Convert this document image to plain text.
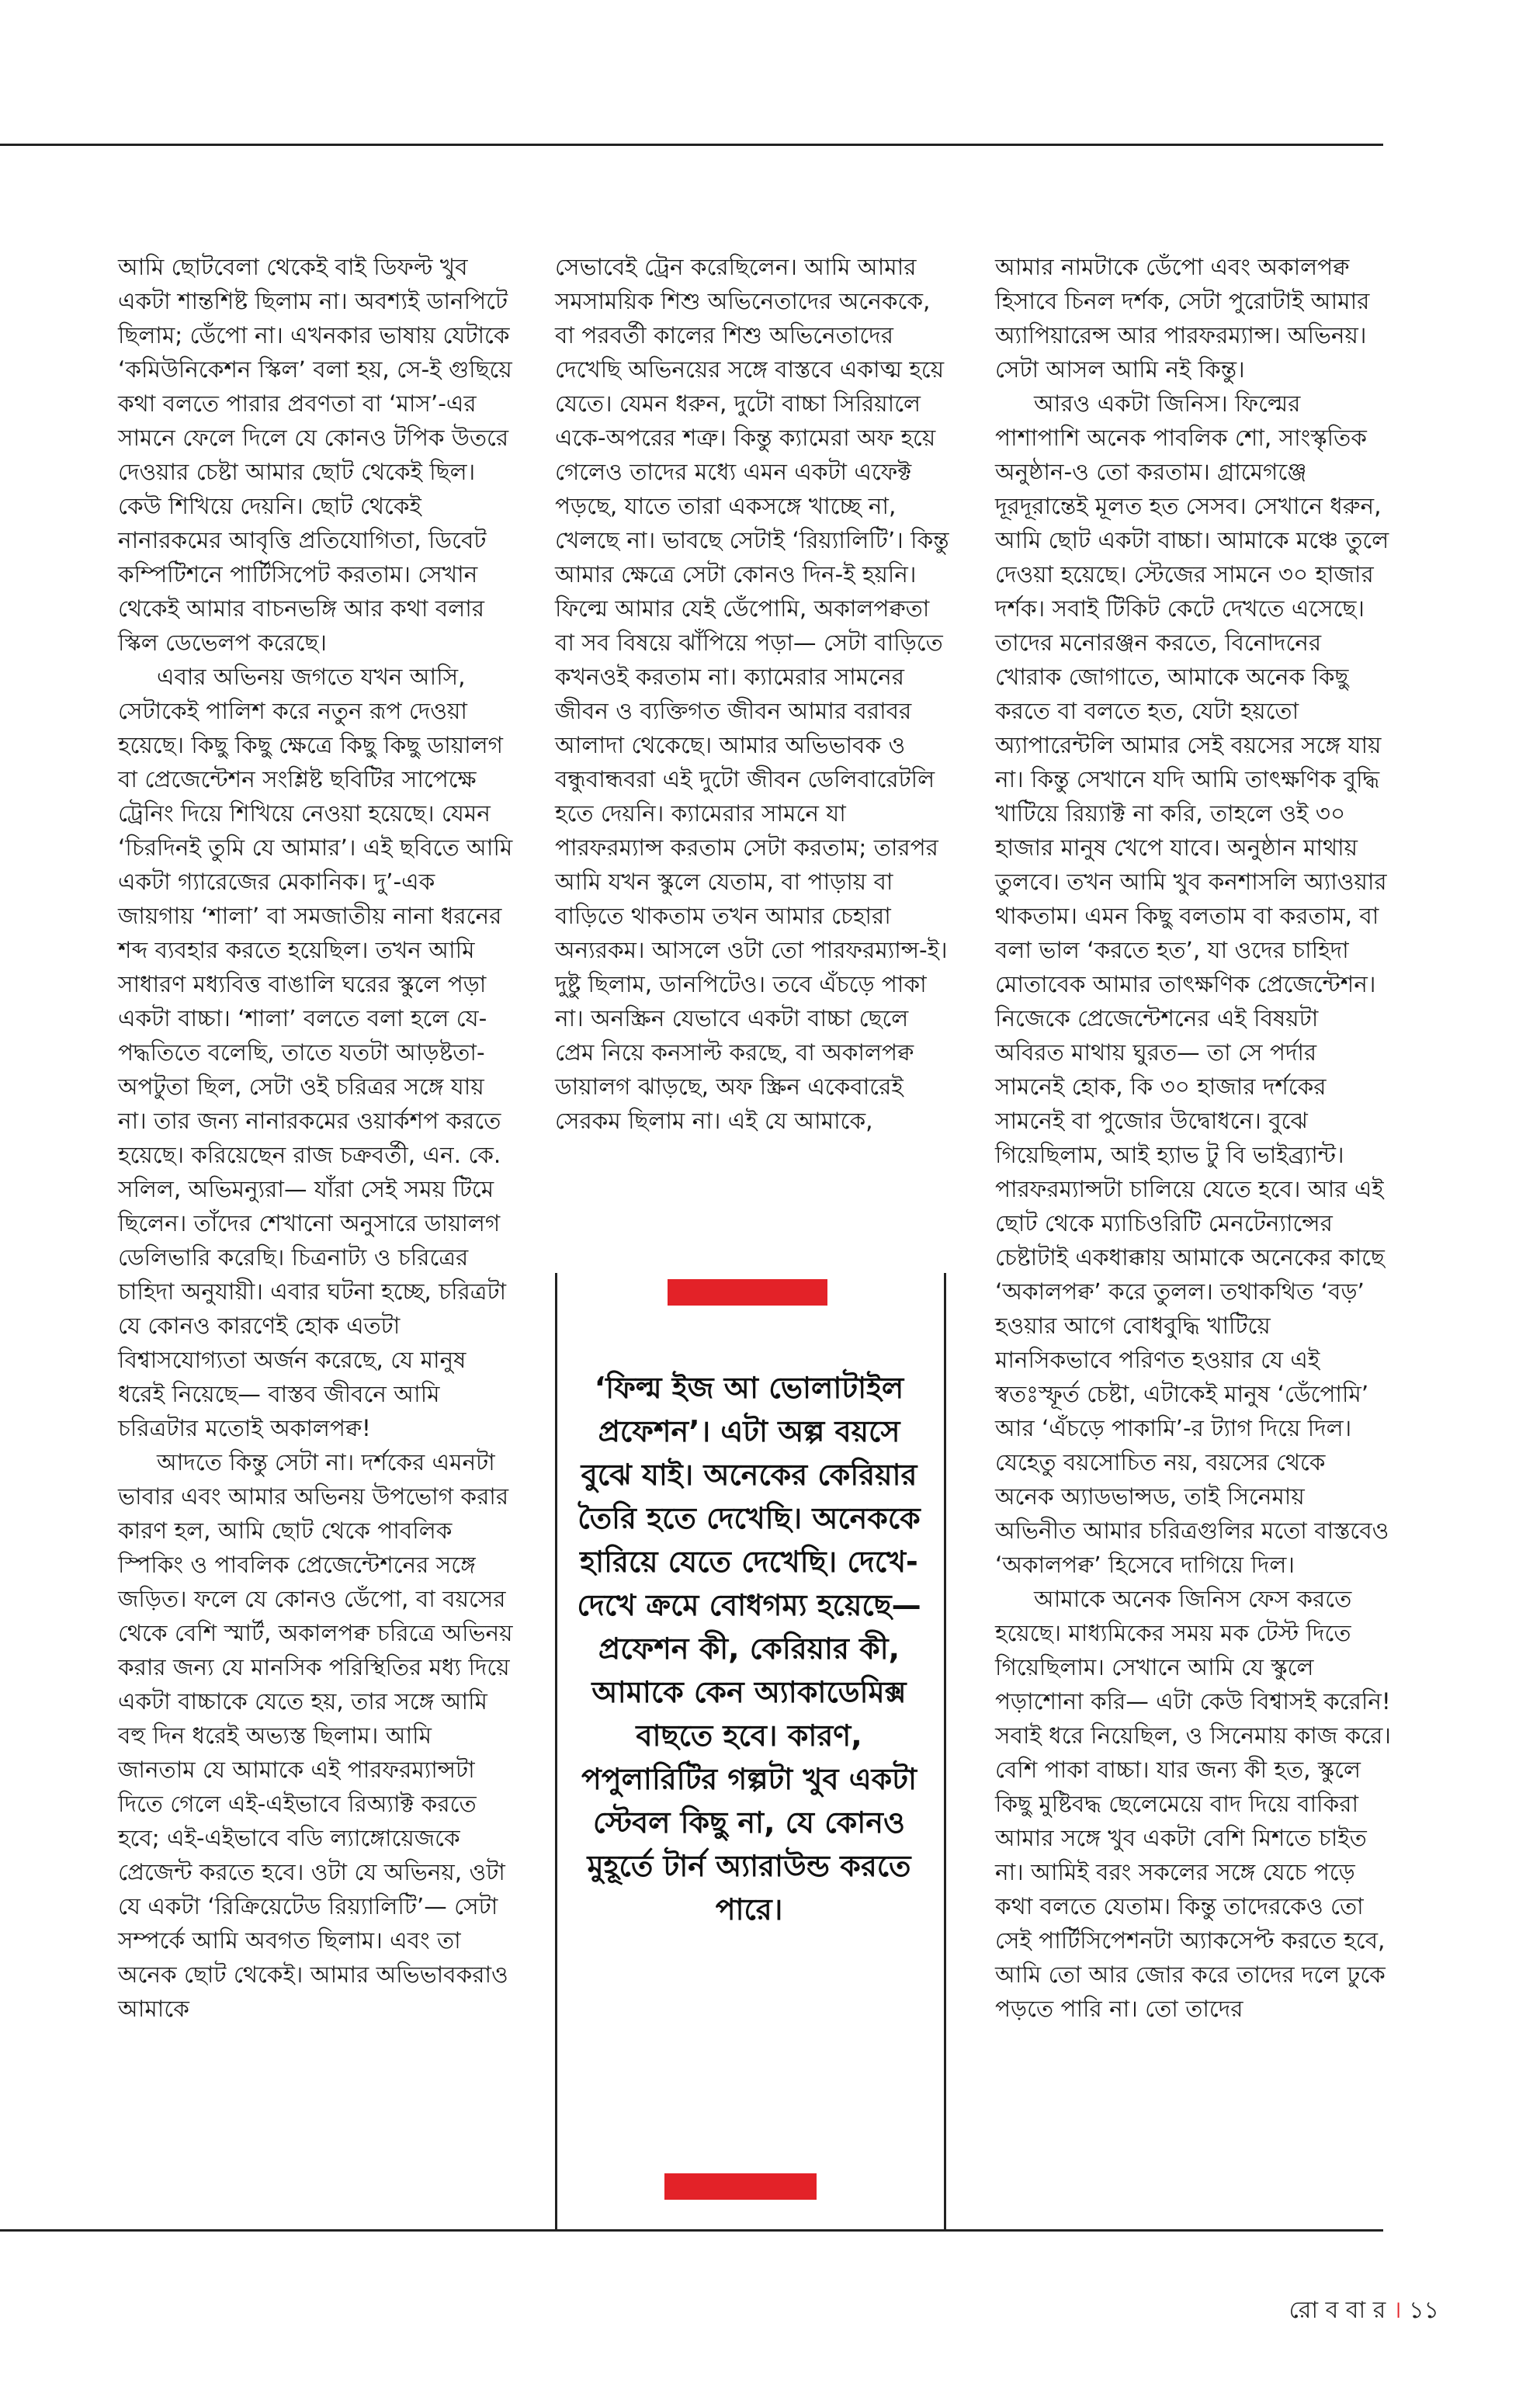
আমি ছোটবেলা থেকেই বাই ডিফল্ট খুব একটা শান্তশিষ্ট ছিলাম না। অবশ্যই ডানপিটে ছিলাম; ডেঁপো না। এখনকার ভাষায় যেটাকে ‘কমিউনিকেশন স্কিল’ বলা হয়, সে-ই গুছিয়ে কথা বলতে পারার প্রবণতা বা ‘মাস’-এর সামনে ফেলে দিলে যে কোনও টপিক উতরে দেওয়ার চেষ্টা আমার ছোট থেকেই ছিল। কেউ শিখিয়ে দেয়নি। ছোট থেকেই নানারকমের আবৃত্তি প্রতিযোগিতা, ডিবেট কম্পিটিশনে পার্টিসিপেট করতাম। সেখান থেকেই আমার বাচনভঙ্গি আর কথা বলার স্কিল ডেভেলপ করেছে।

এবার অভিনয় জগতে যখন আসি, সেটাকেই পালিশ করে নতুন রূপ দেওয়া হয়েছে। কিছু কিছু ক্ষেত্রে কিছু কিছু ডায়ালগ বা প্রেজেন্টেশন সংশ্লিষ্ট ছবিটির সাপেক্ষে ট্রেনিং দিয়ে শিখিয়ে নেওয়া হয়েছে। যেমন ‘চিরদিনই তুমি যে আমার’। এই ছবিতে আমি একটা গ্যারেজের মেকানিক। দু’-এক জায়গায় ‘শালা’ বা সমজাতীয় নানা ধরনের শব্দ ব্যবহার করতে হয়েছিল। তখন আমি সাধারণ মধ্যবিত্ত বাঙালি ঘরের স্কুলে পড়া একটা বাচ্চা। ‘শালা’ বলতে বলা হলে যে-পদ্ধতিতে বলেছি, তাতে যতটা আড়ষ্টতা-অপটুতা ছিল, সেটা ওই চরিত্রর সঙ্গে যায় না। তার জন্য নানারকমের ওয়ার্কশপ করতে হয়েছে। করিয়েছেন রাজ চক্রবর্তী, এন. কে. সলিল, অভিমন্যুরা— যাঁরা সেই সময় টিমে ছিলেন। তাঁদের শেখানো অনুসারে ডায়ালগ ডেলিভারি করেছি। চিত্রনাট্য ও চরিত্রের চাহিদা অনুযায়ী। এবার ঘটনা হচ্ছে, চরিত্রটা যে কোনও কারণেই হোক এতটা বিশ্বাসযোগ্যতা অর্জন করেছে, যে মানুষ ধরেই নিয়েছে— বাস্তব জীবনে আমি চরিত্রটার মতোই অকালপক্ব!

আদতে কিন্তু সেটা না। দর্শকের এমনটা ভাবার এবং আমার অভিনয় উপভোগ করার কারণ হল, আমি ছোট থেকে পাবলিক স্পিকিং ও পাবলিক প্রেজেন্টেশনের সঙ্গে জড়িত। ফলে যে কোনও ডেঁপো, বা বয়সের থেকে বেশি স্মার্ট, অকালপক্ব চরিত্রে অভিনয় করার জন্য যে মানসিক পরিস্থিতির মধ্য দিয়ে একটা বাচ্চাকে যেতে হয়, তার সঙ্গে আমি বহু দিন ধরেই অভ্যস্ত ছিলাম। আমি জানতাম যে আমাকে এই পারফরম্যান্সটা দিতে গেলে এই-এইভাবে রিঅ্যাক্ট করতে হবে; এই-এইভাবে বডি ল্যাঙ্গোয়েজকে প্রেজেন্ট করতে হবে। ওটা যে অভিনয়, ওটা যে একটা ‘রিক্রিয়েটেড রিয়্যালিটি’— সেটা সম্পর্কে আমি অবগত ছিলাম। এবং তা অনেক ছোট থেকেই। আমার অভিভাবকরাও আমাকে

সেভাবেই ট্রেন করেছিলেন। আমি আমার সমসাময়িক শিশু অভিনেতাদের অনেককে, বা পরবর্তী কালের শিশু অভিনেতাদের দেখেছি অভিনয়ের সঙ্গে বাস্তবে একাত্ম হয়ে যেতে। যেমন ধরুন, দুটো বাচ্চা সিরিয়ালে একে-অপরের শত্রু। কিন্তু ক্যামেরা অফ হয়ে গেলেও তাদের মধ্যে এমন একটা এফেক্ট পড়ছে, যাতে তারা একসঙ্গে খাচ্ছে না, খেলছে না। ভাবছে সেটাই ‘রিয়্যালিটি’। কিন্তু আমার ক্ষেত্রে সেটা কোনও দিন-ই হয়নি। ফিল্মে আমার যেই ডেঁপোমি, অকালপক্বতা বা সব বিষয়ে ঝাঁপিয়ে পড়া— সেটা বাড়িতে কখনওই করতাম না। ক্যামেরার সামনের জীবন ও ব্যক্তিগত জীবন আমার বরাবর আলাদা থেকেছে। আমার অভিভাবক ও বন্ধুবান্ধবরা এই দুটো জীবন ডেলিবারেটলি হতে দেয়নি। ক্যামেরার সামনে যা পারফরম্যান্স করতাম সেটা করতাম; তারপর আমি যখন স্কুলে যেতাম, বা পাড়ায় বা বাড়িতে থাকতাম তখন আমার চেহারা অন্যরকম। আসলে ওটা তো পারফরম্যান্স-ই। দুষ্টু ছিলাম, ডানপিটেও। তবে এঁচড়ে পাকা না। অনস্ক্রিন যেভাবে একটা বাচ্চা ছেলে প্রেম নিয়ে কনসাল্ট করছে, বা অকালপক্ব ডায়ালগ ঝাড়ছে, অফ স্ক্রিন একেবারেই সেরকম ছিলাম না। এই যে আমাকে,

আমার নামটাকে ডেঁপো এবং অকালপক্ব হিসাবে চিনল দর্শক, সেটা পুরোটাই আমার অ্যাপিয়ারেন্স আর পারফরম্যান্স। অভিনয়। সেটা আসল আমি নই কিন্তু।

আরও একটা জিনিস। ফিল্মের পাশাপাশি অনেক পাবলিক শো, সাংস্কৃতিক অনুষ্ঠান-ও তো করতাম। গ্রামেগঞ্জে দূরদূরান্তেই মূলত হত সেসব। সেখানে ধরুন, আমি ছোট একটা বাচ্চা। আমাকে মঞ্চে তুলে দেওয়া হয়েছে। স্টেজের সামনে ৩০ হাজার দর্শক। সবাই টিকিট কেটে দেখতে এসেছে। তাদের মনোরঞ্জন করতে, বিনোদনের খোরাক জোগাতে, আমাকে অনেক কিছু করতে বা বলতে হত, যেটা হয়তো অ্যাপারেন্টলি আমার সেই বয়সের সঙ্গে যায় না। কিন্তু সেখানে যদি আমি তাৎক্ষণিক বুদ্ধি খাটিয়ে রিয়্যাক্ট না করি, তাহলে ওই ৩০ হাজার মানুষ খেপে যাবে। অনুষ্ঠান মাথায় তুলবে। তখন আমি খুব কনশাসলি অ্যাওয়ার থাকতাম। এমন কিছু বলতাম বা করতাম, বা বলা ভাল ‘করতে হত’, যা ওদের চাহিদা মোতাবেক আমার তাৎক্ষণিক প্রেজেন্টেশন। নিজেকে প্রেজেন্টেশনের এই বিষয়টা অবিরত মাথায় ঘুরত— তা সে পর্দার সামনেই হোক, কি ৩০ হাজার দর্শকের সামনেই বা পুজোর উদ্বোধনে। বুঝে গিয়েছিলাম, আই হ্যাভ টু বি ভাইব্র্যান্ট। পারফরম্যান্সটা চালিয়ে যেতে হবে। আর এই ছোট থেকে ম্যাচিওরিটি মেনটেন্যান্সের চেষ্টাটাই একধাক্কায় আমাকে অনেকের কাছে ‘অকালপক্ব’ করে তুলল। তথাকথিত ‘বড়’ হওয়ার আগে বোধবুদ্ধি খাটিয়ে মানসিকভাবে পরিণত হওয়ার যে এই স্বতঃস্ফূর্ত চেষ্টা, এটাকেই মানুষ ‘ডেঁপোমি’ আর ‘এঁচড়ে পাকামি’-র ট্যাগ দিয়ে দিল। যেহেতু বয়সোচিত নয়, বয়সের থেকে অনেক অ্যাডভান্সড, তাই সিনেমায় অভিনীত আমার চরিত্রগুলির মতো বাস্তবেও ‘অকালপক্ব’ হিসেবে দাগিয়ে দিল।

আমাকে অনেক জিনিস ফেস করতে হয়েছে। মাধ্যমিকের সময় মক টেস্ট দিতে গিয়েছিলাম। সেখানে আমি যে স্কুলে পড়াশোনা করি— এটা কেউ বিশ্বাসই করেনি! সবাই ধরে নিয়েছিল, ও সিনেমায় কাজ করে। বেশি পাকা বাচ্চা। যার জন্য কী হত, স্কুলে কিছু মুষ্টিবদ্ধ ছেলেমেয়ে বাদ দিয়ে বাকিরা আমার সঙ্গে খুব একটা বেশি মিশতে চাইত না। আমিই বরং সকলের সঙ্গে যেচে পড়ে কথা বলতে যেতাম। কিন্তু তাদেরকেও তো সেই পার্টিসিপেশনটা অ্যাকসেপ্ট করতে হবে, আমি তো আর জোর করে তাদের দলে ঢুকে পড়তে পারি না। তো তাদের

‘ফিল্ম ইজ আ ভোলাটাইল প্রফেশন’। এটা অল্প বয়সে বুঝে যাই। অনেকের কেরিয়ার তৈরি হতে দেখেছি। অনেককে হারিয়ে যেতে দেখেছি। দেখে-দেখে ক্রমে বোধগম্য হয়েছে— প্রফেশন কী, কেরিয়ার কী, আমাকে কেন অ্যাকাডেমিক্স বাছতে হবে। কারণ, পপুলারিটির গল্পটা খুব একটা স্টেবল কিছু না, যে কোনও মুহূর্তে টার্ন অ্যারাউন্ড করতে পারে।
রো ব বা র । ১১
